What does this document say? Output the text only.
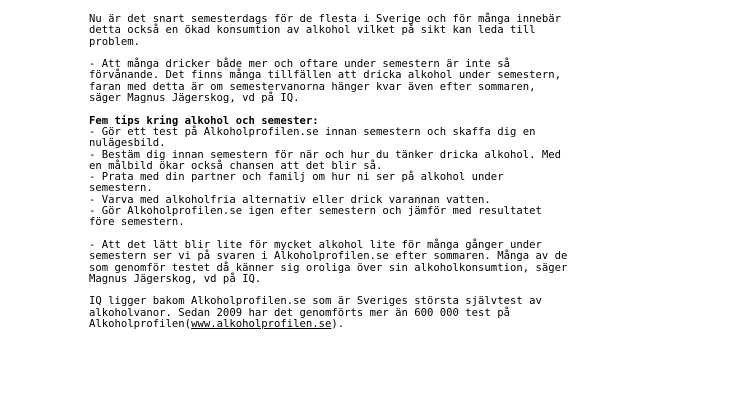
Nu är det snart semesterdags för de flesta i Sverige och för många innebär
detta också en ökad konsumtion av alkohol vilket på sikt kan leda till
problem.
- Att många dricker både mer och oftare under semestern är inte så
förvånande. Det finns många tillfällen att dricka alkohol under semestern,
faran med detta är om semestervanorna hänger kvar även efter sommaren,
säger Magnus Jägerskog, vd på IQ.
Fem tips kring alkohol och semester:
- Gör ett test på Alkoholprofilen.se innan semestern och skaffa dig en
nulägesbild.
- Bestäm dig innan semestern för när och hur du tänker dricka alkohol. Med
en målbild ökar också chansen att det blir så.
- Prata med din partner och familj om hur ni ser på alkohol under
semestern.
- Varva med alkoholfria alternativ eller drick varannan vatten.
- Gör Alkoholprofilen.se igen efter semestern och jämför med resultatet
före semestern.
- Att det lätt blir lite för mycket alkohol lite för många gånger under
semestern ser vi på svaren i Alkoholprofilen.se efter sommaren. Många av de
som genomför testet då känner sig oroliga över sin alkoholkonsumtion, säger
Magnus Jägerskog, vd på IQ.
IQ ligger bakom Alkoholprofilen.se som är Sveriges största självtest av
alkoholvanor. Sedan 2009 har det genomförts mer än 600 000 test på
Alkoholprofilen(www.alkoholprofilen.se).
